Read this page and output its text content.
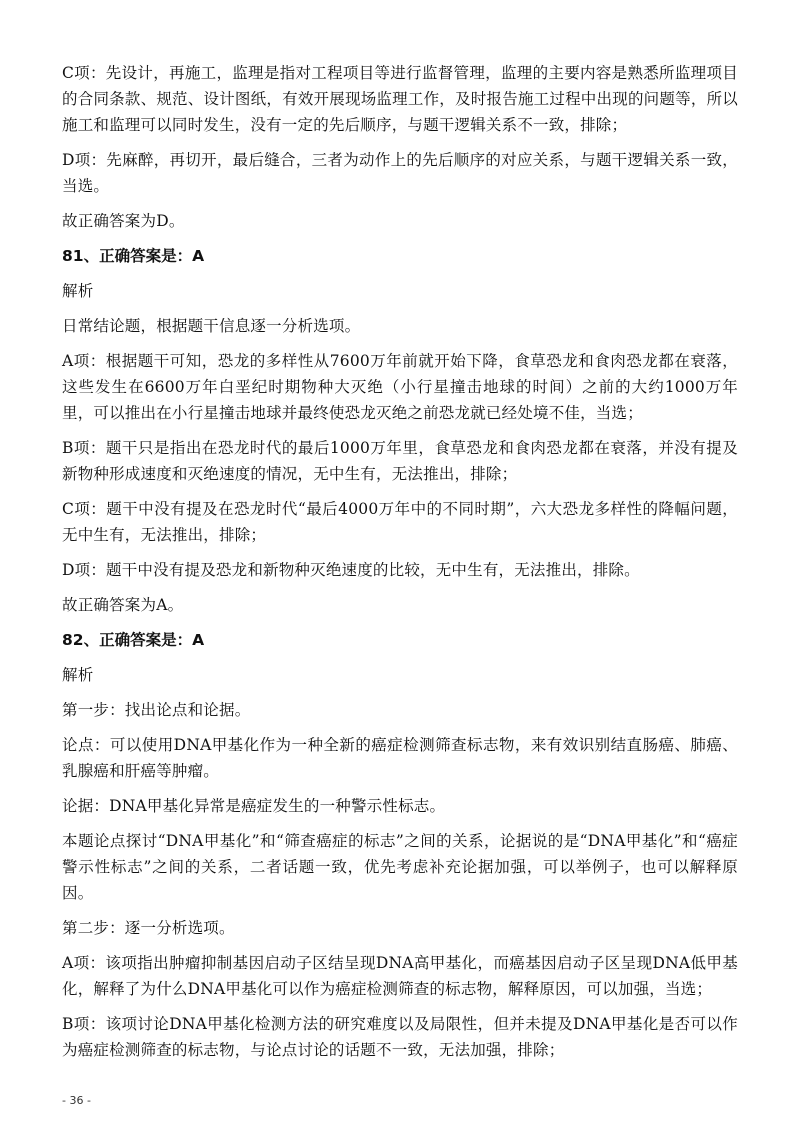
C项：先设计，再施工，监理是指对工程项目等进行监督管理，监理的主要内容是熟悉所监理项目的合同条款、规范、设计图纸，有效开展现场监理工作，及时报告施工过程中出现的问题等，所以施工和监理可以同时发生，没有一定的先后顺序，与题干逻辑关系不一致，排除；

D项：先麻醉，再切开，最后缝合，三者为动作上的先后顺序的对应关系，与题干逻辑关系一致，当选。

故正确答案为D。

81、正确答案是：A

解析

日常结论题，根据题干信息逐一分析选项。

A项：根据题干可知，恐龙的多样性从7600万年前就开始下降，食草恐龙和食肉恐龙都在衰落，这些发生在6600万年白垩纪时期物种大灭绝（小行星撞击地球的时间）之前的大约1000万年里，可以推出在小行星撞击地球并最终使恐龙灭绝之前恐龙就已经处境不佳，当选；

B项：题干只是指出在恐龙时代的最后1000万年里，食草恐龙和食肉恐龙都在衰落，并没有提及新物种形成速度和灭绝速度的情况，无中生有，无法推出，排除；

C项：题干中没有提及在恐龙时代“最后4000万年中的不同时期”，六大恐龙多样性的降幅问题，无中生有，无法推出，排除；

D项：题干中没有提及恐龙和新物种灭绝速度的比较，无中生有，无法推出，排除。

故正确答案为A。

82、正确答案是：A

解析

第一步：找出论点和论据。

论点：可以使用DNA甲基化作为一种全新的癌症检测筛查标志物，来有效识别结直肠癌、肺癌、乳腺癌和肝癌等肿瘤。

论据：DNA甲基化异常是癌症发生的一种警示性标志。

本题论点探讨“DNA甲基化”和“筛查癌症的标志”之间的关系，论据说的是“DNA甲基化”和“癌症警示性标志”之间的关系，二者话题一致，优先考虑补充论据加强，可以举例子，也可以解释原因。

第二步：逐一分析选项。

A项：该项指出肿瘤抑制基因启动子区结呈现DNA高甲基化，而癌基因启动子区呈现DNA低甲基化，解释了为什么DNA甲基化可以作为癌症检测筛查的标志物，解释原因，可以加强，当选；

B项：该项讨论DNA甲基化检测方法的研究难度以及局限性，但并未提及DNA甲基化是否可以作为癌症检测筛查的标志物，与论点讨论的话题不一致，无法加强，排除；

- 36 -
